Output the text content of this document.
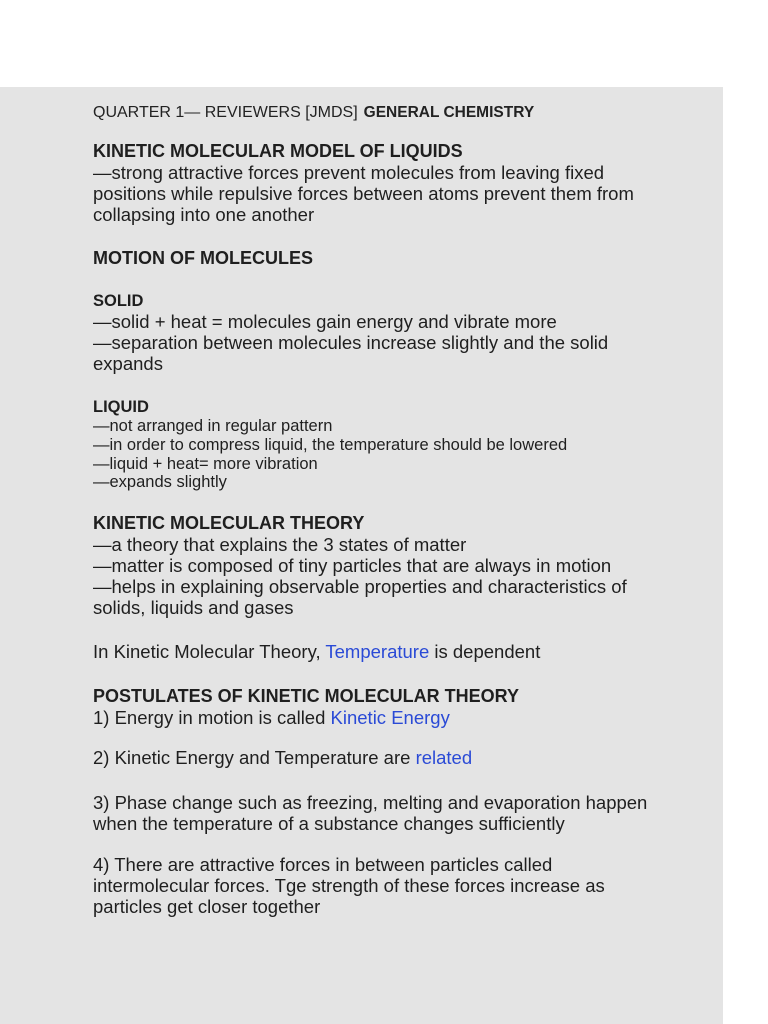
QUARTER 1— REVIEWERS [JMDS] GENERAL CHEMISTRY
KINETIC MOLECULAR MODEL OF LIQUIDS
—strong attractive forces prevent molecules from leaving fixed
positions while repulsive forces between atoms prevent them from
collapsing into one another
MOTION OF MOLECULES
SOLID
—solid + heat = molecules gain energy and vibrate more
—separation between molecules increase slightly and the solid
expands
LIQUID
—not arranged in regular pattern
—in order to compress liquid, the temperature should be lowered
—liquid + heat= more vibration
—expands slightly
KINETIC MOLECULAR THEORY
—a theory that explains the 3 states of matter
—matter is composed of tiny particles that are always in motion
—helps in explaining observable properties and characteristics of
solids, liquids and gases
In Kinetic Molecular Theory, Temperature is dependent
POSTULATES OF KINETIC MOLECULAR THEORY
1) Energy in motion is called Kinetic Energy
2) Kinetic Energy and Temperature are related
3) Phase change such as freezing, melting and evaporation happen
when the temperature of a substance changes sufficiently
4) There are attractive forces in between particles called
intermolecular forces. Tge strength of these forces increase as
particles get closer together
